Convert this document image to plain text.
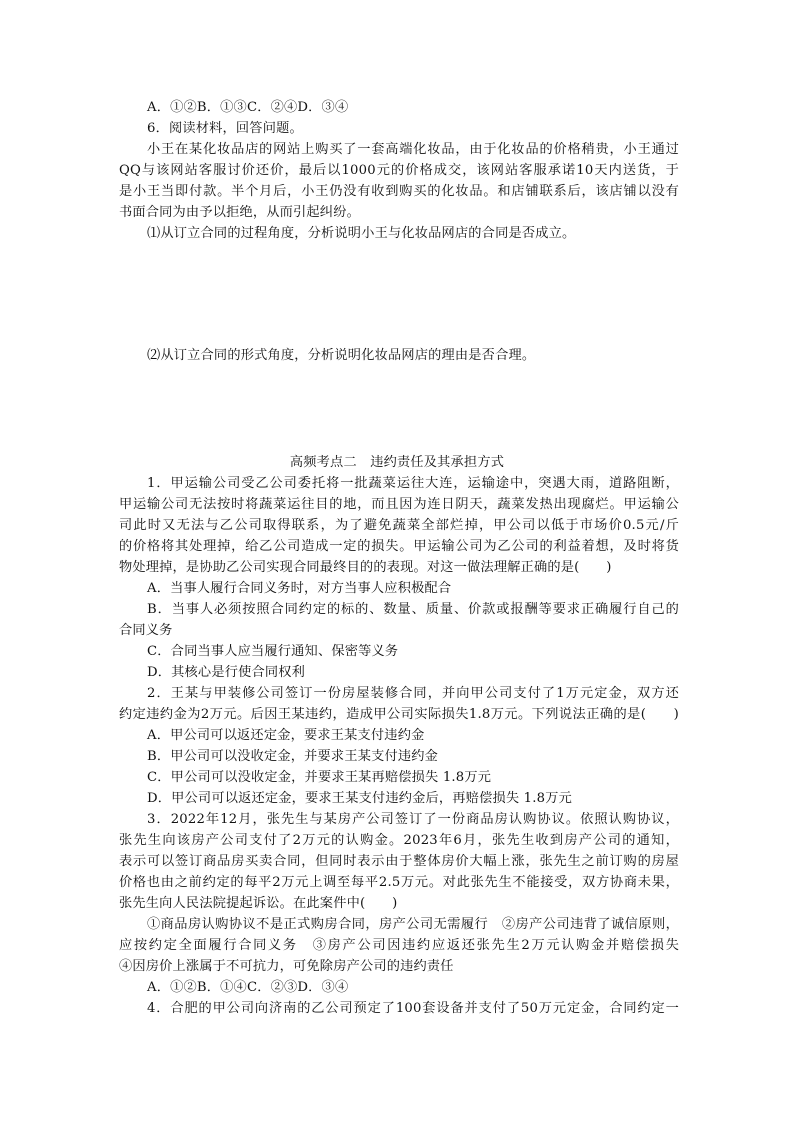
A．①②B．①③C．②④D．③④
6．阅读材料，回答问题。
小王在某化妆品店的网站上购买了一套高端化妆品，由于化妆品的价格稍贵，小王通过
QQ与该网站客服讨价还价，最后以1000元的价格成交，该网站客服承诺10天内送货，于
是小王当即付款。半个月后，小王仍没有收到购买的化妆品。和店铺联系后，该店铺以没有
书面合同为由予以拒绝，从而引起纠纷。
⑴从订立合同的过程角度，分析说明小王与化妆品网店的合同是否成立。
⑵从订立合同的形式角度，分析说明化妆品网店的理由是否合理。
高频考点二　违约责任及其承担方式
1．甲运输公司受乙公司委托将一批蔬菜运往大连，运输途中，突遇大雨，道路阻断，
甲运输公司无法按时将蔬菜运往目的地，而且因为连日阴天，蔬菜发热出现腐烂。甲运输公
司此时又无法与乙公司取得联系，为了避免蔬菜全部烂掉，甲公司以低于市场价0.5元/斤
的价格将其处理掉，给乙公司造成一定的损失。甲运输公司为乙公司的利益着想，及时将货
物处理掉，是协助乙公司实现合同最终目的的表现。对这一做法理解正确的是(　　)
A．当事人履行合同义务时，对方当事人应积极配合
B．当事人必须按照合同约定的标的、数量、质量、价款或报酬等要求正确履行自己的
合同义务
C．合同当事人应当履行通知、保密等义务
D．其核心是行使合同权利
2．王某与甲装修公司签订一份房屋装修合同，并向甲公司支付了1万元定金，双方还
约定违约金为2万元。后因王某违约，造成甲公司实际损失1.8万元。下列说法正确的是(　　)
A．甲公司可以返还定金，要求王某支付违约金
B．甲公司可以没收定金，并要求王某支付违约金
C．甲公司可以没收定金，并要求王某再赔偿损失 1.8万元
D．甲公司可以返还定金，要求王某支付违约金后，再赔偿损失 1.8万元
3．2022年12月，张先生与某房产公司签订了一份商品房认购协议。依照认购协议，
张先生向该房产公司支付了2万元的认购金。2023年6月，张先生收到房产公司的通知，
表示可以签订商品房买卖合同，但同时表示由于整体房价大幅上涨，张先生之前订购的房屋
价格也由之前约定的每平2万元上调至每平2.5万元。对此张先生不能接受，双方协商未果，
张先生向人民法院提起诉讼。在此案件中(　　)
①商品房认购协议不是正式购房合同，房产公司无需履行　②房产公司违背了诚信原则，
应按约定全面履行合同义务　③房产公司因违约应返还张先生2万元认购金并赔偿损失
④因房价上涨属于不可抗力，可免除房产公司的违约责任
A．①②B．①④C．②③D．③④
4．合肥的甲公司向济南的乙公司预定了100套设备并支付了50万元定金，合同约定一
